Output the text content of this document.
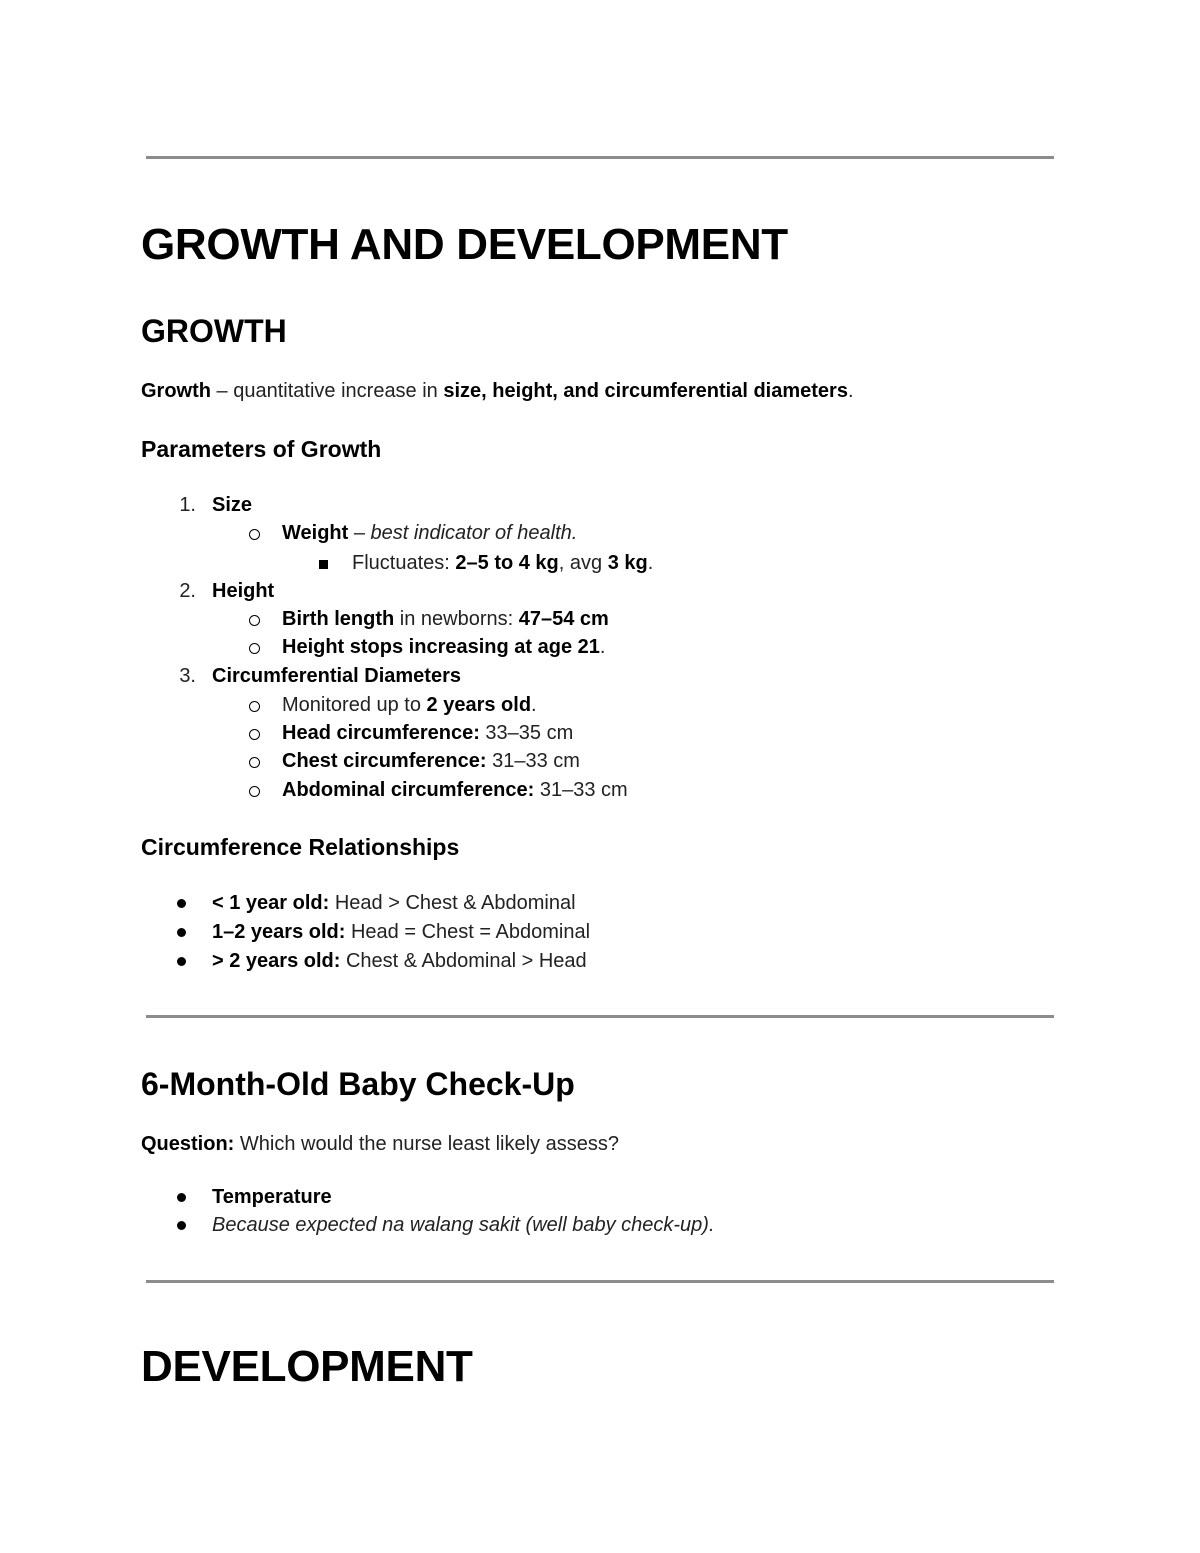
GROWTH AND DEVELOPMENT
GROWTH
Growth – quantitative increase in size, height, and circumferential diameters.
Parameters of Growth
1. Size
Weight – best indicator of health.
Fluctuates: 2–5 to 4 kg, avg 3 kg.
2. Height
Birth length in newborns: 47–54 cm
Height stops increasing at age 21.
3. Circumferential Diameters
Monitored up to 2 years old.
Head circumference: 33–35 cm
Chest circumference: 31–33 cm
Abdominal circumference: 31–33 cm
Circumference Relationships
< 1 year old: Head > Chest & Abdominal
1–2 years old: Head = Chest = Abdominal
> 2 years old: Chest & Abdominal > Head
6-Month-Old Baby Check-Up
Question: Which would the nurse least likely assess?
Temperature
Because expected na walang sakit (well baby check-up).
DEVELOPMENT
